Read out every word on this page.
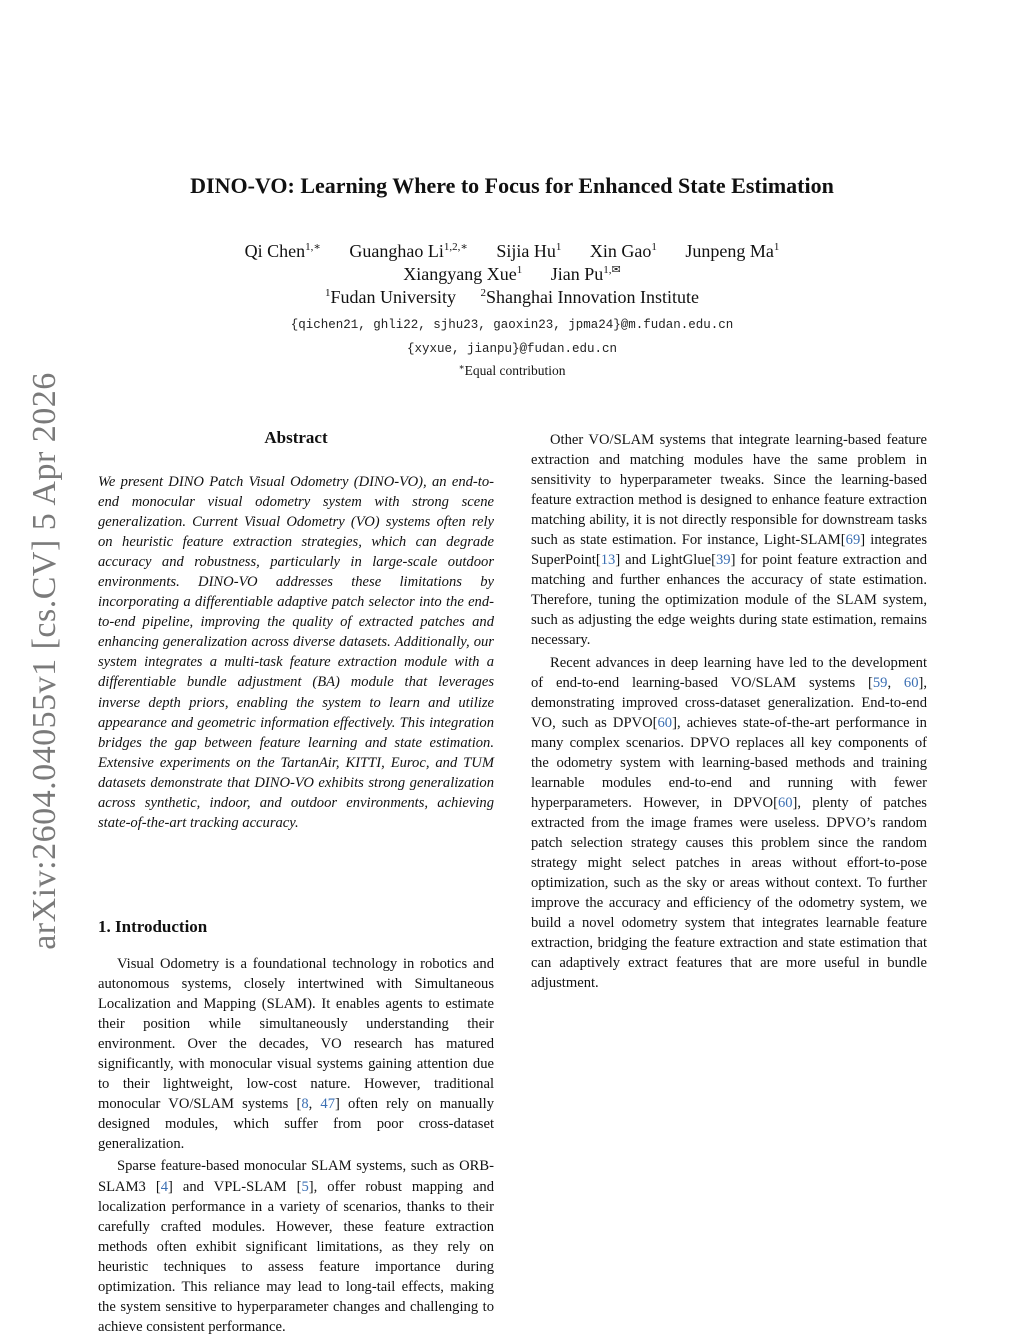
arXiv:2604.04055v1 [cs.CV] 5 Apr 2026
DINO-VO: Learning Where to Focus for Enhanced State Estimation
Qi Chen$^{1,∗}$ Guanghao $Li^{1,2,∗}$ Sijia Hu$^1$ Xin Gao$^1$ Junpeng Ma$^1$
Xiangyang Xue$^1$ Jian $Pu^{1,✉}$
$^1$Fudan University $^2$Shanghai Innovation Institute
{qichen21, ghli22, sjhu23, gaoxin23, jpma24}@m.fudan.edu.cn
{xyxue, jianpu}@fudan.edu.cn
∗Equal contribution
Abstract

We present DINO Patch Visual Odometry (DINO-VO), an end-to-end monocular visual odometry system with strong scene generalization. Current Visual Odometry (VO) systems often rely on heuristic feature extraction strategies, which can degrade accuracy and robustness, particularly in large-scale outdoor environments. DINO-VO addresses these limitations by incorporating a differentiable adaptive patch selector into the end-to-end pipeline, improving the quality of extracted patches and enhancing generalization across diverse datasets. Additionally, our system integrates a multi-task feature extraction module with a differentiable bundle adjustment (BA) module that leverages inverse depth priors, enabling the system to learn and utilize appearance and geometric information effectively. This integration bridges the gap between feature learning and state estimation. Extensive experiments on the TartanAir, KITTI, Euroc, and TUM datasets demonstrate that DINO-VO exhibits strong generalization across synthetic, indoor, and outdoor environments, achieving state-of-the-art tracking accuracy.

1. Introduction

Visual Odometry is a foundational technology in robotics and autonomous systems, closely intertwined with Simultaneous Localization and Mapping (SLAM). It enables agents to estimate their position while simultaneously understanding their environment. Over the decades, VO research has matured significantly, with monocular visual systems gaining attention due to their lightweight, low-cost nature. However, traditional monocular VO/SLAM systems [8, 47] often rely on manually designed modules, which suffer from poor cross-dataset generalization.

Sparse feature-based monocular SLAM systems, such as ORB-SLAM3 [4] and VPL-SLAM [5], offer robust mapping and localization performance in a variety of scenarios, thanks to their carefully crafted modules. However, these feature extraction methods often exhibit significant limitations, as they rely on heuristic techniques to assess feature importance during optimization. This reliance may lead to long-tail effects, making the system sensitive to hyperparameter changes and challenging to achieve consistent performance.

Other VO/SLAM systems that integrate learning-based feature extraction and matching modules have the same problem in sensitivity to hyperparameter tweaks. Since the learning-based feature extraction method is designed to enhance feature extraction matching ability, it is not directly responsible for downstream tasks such as state estimation. For instance, Light-SLAM[69] integrates SuperPoint[13] and LightGlue[39] for point feature extraction and matching and further enhances the accuracy of state estimation. Therefore, tuning the optimization module of the SLAM system, such as adjusting the edge weights during state estimation, remains necessary.

Recent advances in deep learning have led to the development of end-to-end learning-based VO/SLAM systems [59, 60], demonstrating improved cross-dataset generalization. End-to-end VO, such as DPVO[60], achieves state-of-the-art performance in many complex scenarios. DPVO replaces all key components of the odometry system with learning-based methods and training learnable modules end-to-end and running with fewer hyperparameters. However, in DPVO[60], plenty of patches extracted from the image frames were useless. DPVO’s random patch selection strategy causes this problem since the random strategy might select patches in areas without effort-to-pose optimization, such as the sky or areas without context. To further improve the accuracy and efficiency of the odometry system, we build a novel odometry system that integrates learnable feature extraction, bridging the feature extraction and state estimation that can adaptively extract features that are more useful in bundle adjustment.
